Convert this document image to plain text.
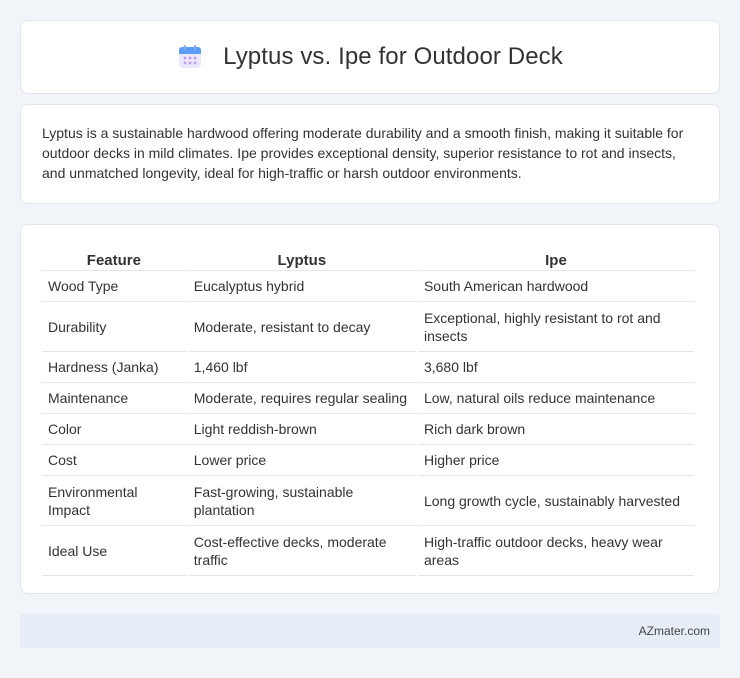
Lyptus vs. Ipe for Outdoor Deck

Lyptus is a sustainable hardwood offering moderate durability and a smooth finish, making it suitable for outdoor decks in mild climates. Ipe provides exceptional density, superior resistance to rot and insects, and unmatched longevity, ideal for high-traffic or harsh outdoor environments.

Feature	Lyptus	Ipe
Wood Type	Eucalyptus hybrid	South American hardwood
Durability	Moderate, resistant to decay	Exceptional, highly resistant to rot and insects
Hardness (Janka)	1,460 lbf	3,680 lbf
Maintenance	Moderate, requires regular sealing	Low, natural oils reduce maintenance
Color	Light reddish-brown	Rich dark brown
Cost	Lower price	Higher price
Environmental Impact	Fast-growing, sustainable plantation	Long growth cycle, sustainably harvested
Ideal Use	Cost-effective decks, moderate traffic	High-traffic outdoor decks, heavy wear areas
AZmater.com
